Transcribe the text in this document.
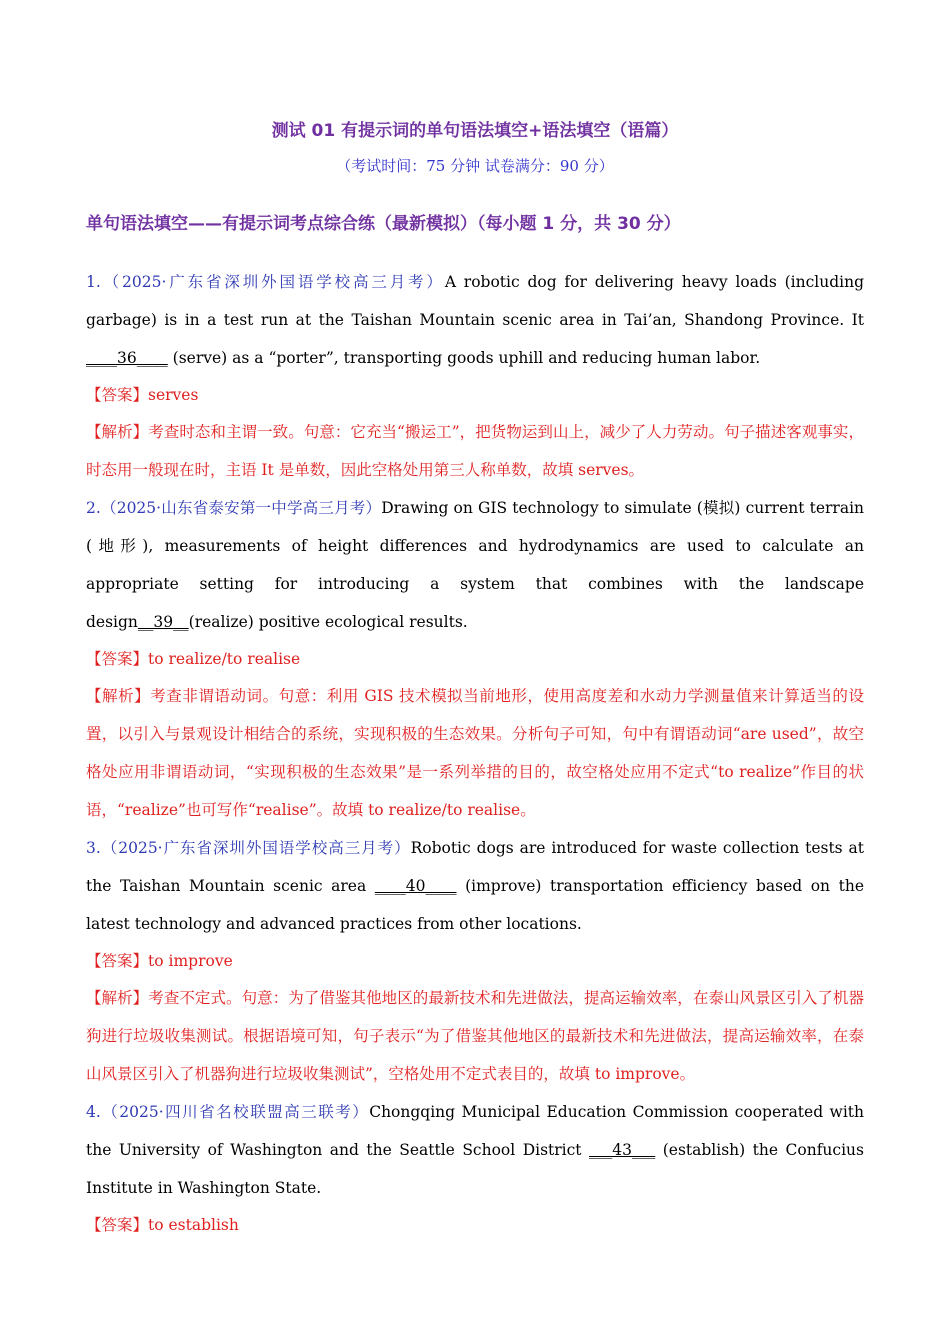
测试 01 有提示词的单句语法填空+语法填空（语篇）
（考试时间：75 分钟 试卷满分：90 分）
单句语法填空——有提示词考点综合练（最新模拟）（每小题 1 分，共 30 分）

1.（2025·广东省深圳外国语学校高三月考）A robotic dog for delivering heavy loads (including garbage) is in a test run at the Taishan Mountain scenic area in Tai’an, Shandong Province. It ____36____ (serve) as a “porter”, transporting goods uphill and reducing human labor.

【答案】serves

【解析】考查时态和主谓一致。句意：它充当“搬运工”，把货物运到山上，减少了人力劳动。句子描述客观事实，时态用一般现在时，主语 It 是单数，因此空格处用第三人称单数，故填 serves。

2.（2025·山东省泰安第一中学高三月考）Drawing on GIS technology to simulate (模拟) current terrain (地形), measurements of height differences and hydrodynamics are used to calculate an appropriate setting for introducing a system that combines with the landscape design__39__(realize) positive ecological results.

【答案】to realize/to realise

【解析】考查非谓语动词。句意：利用 GIS 技术模拟当前地形，使用高度差和水动力学测量值来计算适当的设置，以引入与景观设计相结合的系统，实现积极的生态效果。分析句子可知，句中有谓语动词“are used”，故空格处应用非谓语动词，“实现积极的生态效果”是一系列举措的目的，故空格处应用不定式“to realize”作目的状语，“realize”也可写作“realise”。故填 to realize/to realise。

3.（2025·广东省深圳外国语学校高三月考）Robotic dogs are introduced for waste collection tests at the Taishan Mountain scenic area ____40____ (improve) transportation efficiency based on the latest technology and advanced practices from other locations.

【答案】to improve

【解析】考查不定式。句意：为了借鉴其他地区的最新技术和先进做法，提高运输效率，在泰山风景区引入了机器狗进行垃圾收集测试。根据语境可知，句子表示“为了借鉴其他地区的最新技术和先进做法，提高运输效率，在泰山风景区引入了机器狗进行垃圾收集测试”，空格处用不定式表目的，故填 to improve。

4.（2025·四川省名校联盟高三联考）Chongqing Municipal Education Commission cooperated with the University of Washington and the Seattle School District ___43___ (establish) the Confucius Institute in Washington State.

【答案】to establish
